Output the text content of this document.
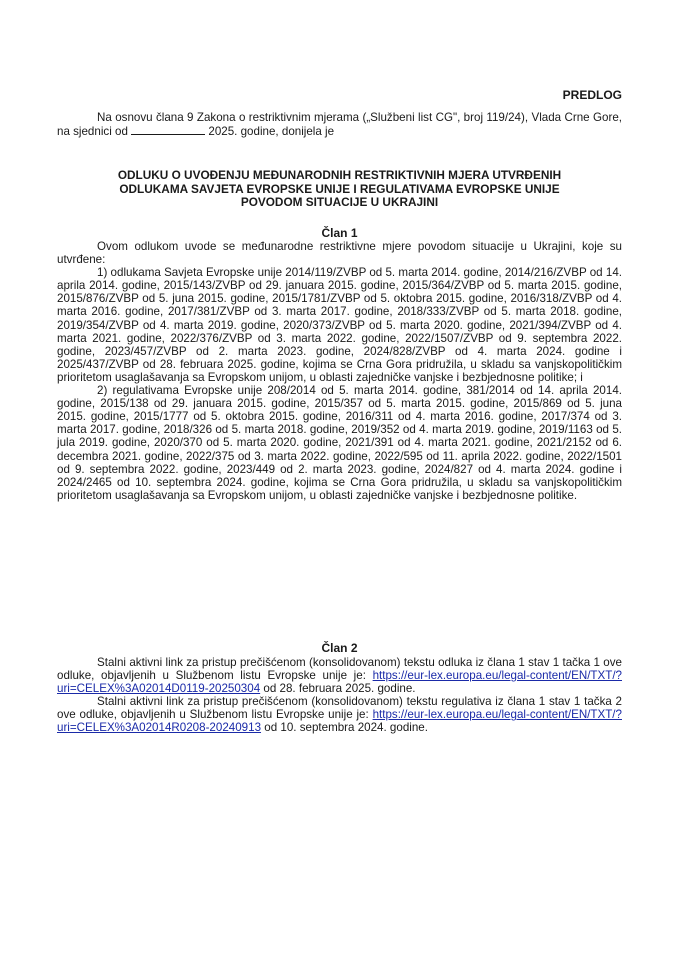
PREDLOG
Na osnovu člana 9 Zakona o restriktivnim mjerama („Službeni list CG", broj 119/24), Vlada Crne Gore, na sjednici od	2025. godine, donijela je
ODLUKU O UVOĐENJU MEĐUNARODNIH RESTRIKTIVNIH MJERA UTVRĐENIH
ODLUKAMA SAVJETA EVROPSKE UNIJE I REGULATIVAMA EVROPSKE UNIJE
POVODOM SITUACIJE U UKRAJINI
Član 1

Ovom odlukom uvode se međunarodne restriktivne mjere povodom situacije u Ukrajini, koje su utvrđene:

1) odlukama Savjeta Evropske unije 2014/119/ZVBP od 5. marta 2014. godine, 2014/216/ZVBP od 14. aprila 2014. godine, 2015/143/ZVBP od 29. januara 2015. godine, 2015/364/ZVBP od 5. marta 2015. godine, 2015/876/ZVBP od 5. juna 2015. godine, 2015/1781/ZVBP od 5. oktobra 2015. godine, 2016/318/ZVBP od 4. marta 2016. godine, 2017/381/ZVBP od 3. marta 2017. godine, 2018/333/ZVBP od 5. marta 2018. godine, 2019/354/ZVBP od 4. marta 2019. godine, 2020/373/ZVBP od 5. marta 2020. godine, 2021/394/ZVBP od 4. marta 2021. godine, 2022/376/ZVBP od 3. marta 2022. godine, 2022/1507/ZVBP od 9. septembra 2022. godine, 2023/457/ZVBP od 2. marta 2023. godine, 2024/828/ZVBP od 4. marta 2024. godine i 2025/437/ZVBP od 28. februara 2025. godine, kojima se Crna Gora pridružila, u skladu sa vanjskopolitičkim prioritetom usaglašavanja sa Evropskom unijom, u oblasti zajedničke vanjske i bezbjednosne politike; i

2) regulativama Evropske unije 208/2014 od 5. marta 2014. godine, 381/2014 od 14. aprila 2014. godine, 2015/138 od 29. januara 2015. godine, 2015/357 od 5. marta 2015. godine, 2015/869 od 5. juna 2015. godine, 2015/1777 od 5. oktobra 2015. godine, 2016/311 od 4. marta 2016. godine, 2017/374 od 3. marta 2017. godine, 2018/326 od 5. marta 2018. godine, 2019/352 od 4. marta 2019. godine, 2019/1163 od 5. jula 2019. godine, 2020/370 od 5. marta 2020. godine, 2021/391 od 4. marta 2021. godine, 2021/2152 od 6. decembra 2021. godine, 2022/375 od 3. marta 2022. godine, 2022/595 od 11. aprila 2022. godine, 2022/1501 od 9. septembra 2022. godine, 2023/449 od 2. marta 2023. godine, 2024/827 od 4. marta 2024. godine i 2024/2465 od 10. septembra 2024. godine, kojima se Crna Gora pridružila, u skladu sa vanjskopolitičkim prioritetom usaglašavanja sa Evropskom unijom, u oblasti zajedničke vanjske i bezbjednosne politike.

Član 2

Stalni aktivni link za pristup prečišćenom (konsolidovanom) tekstu odluka iz člana 1 stav 1 tačka 1 ove odluke, objavljenih u Službenom listu Evropske unije je: https://eur-lex.europa.eu/legal-content/EN/TXT/?uri=CELEX%3A02014D0119-20250304 od 28. februara 2025. godine.

Stalni aktivni link za pristup prečišćenom (konsolidovanom) tekstu regulativa iz člana 1 stav 1 tačka 2 ove odluke, objavljenih u Službenom listu Evropske unije je: https://eur-lex.europa.eu/legal-content/EN/TXT/?uri=CELEX%3A02014R0208-20240913 od 10. septembra 2024. godine.
